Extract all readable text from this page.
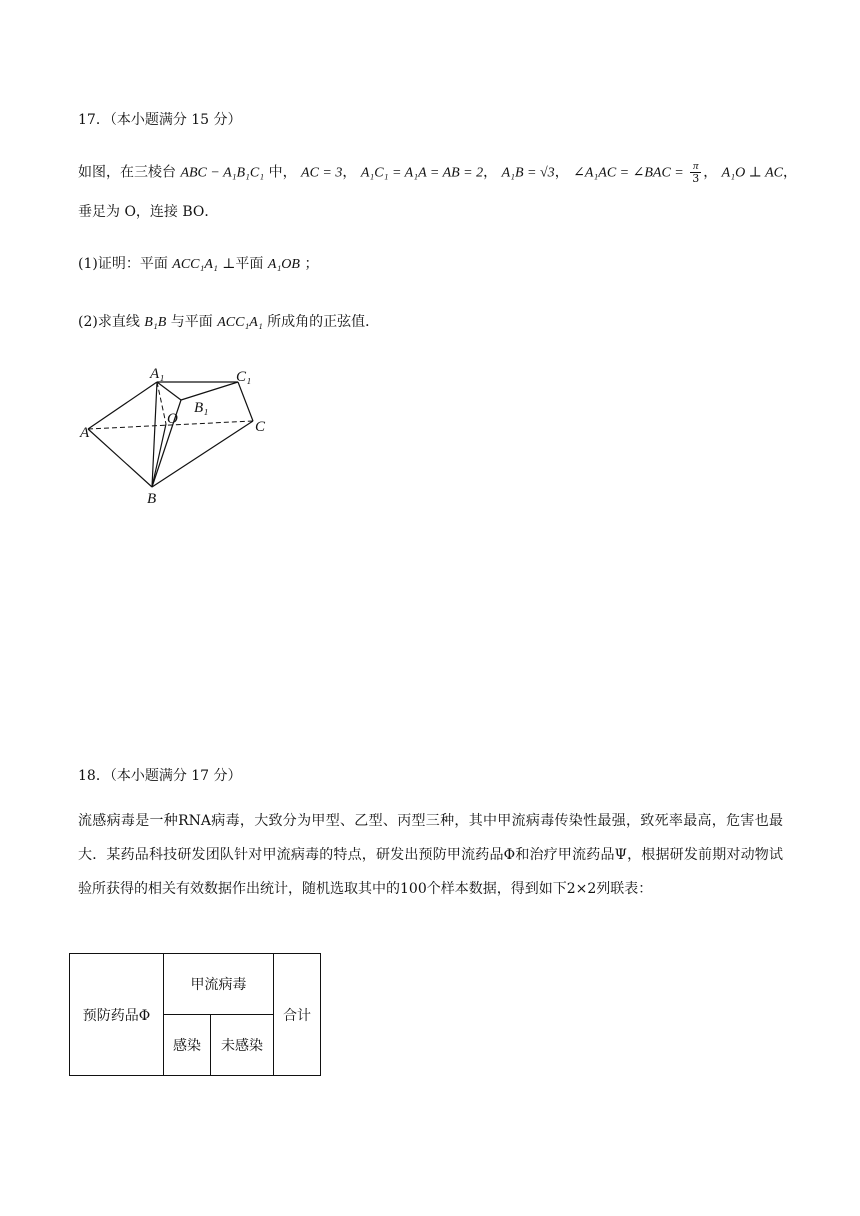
17．（本小题满分 15 分）
如图，在三棱台 ABC − A₁B₁C₁ 中， AC = 3， A₁C₁ = A₁A = AB = 2， A₁B = √3， ∠A₁AC = ∠BAC = $\frac{\pi}{3}$ ， A₁O ⊥ AC，
垂足为 O，连接 BO．
(1)证明：平面 ACC₁A₁ ⊥平面 A₁OB ；
(2)求直线 B₁B 与平面 ACC₁A₁ 所成角的正弦值．
A₁	C₁
B₁
O
A	C
B
18．（本小题满分 17 分）
流感病毒是一种RNA病毒，大致分为甲型、乙型、丙型三种，其中甲流病毒传染性最强，致死率最高，危害也最大．某药品科技研发团队针对甲流病毒的特点，研发出预防甲流药品Φ和治疗甲流药品Ψ，根据研发前期对动物试验所获得的相关有效数据作出统计，随机选取其中的100个样本数据，得到如下2×2列联表：
预防药品Φ	甲流病毒		合计
	感染	未感染	
